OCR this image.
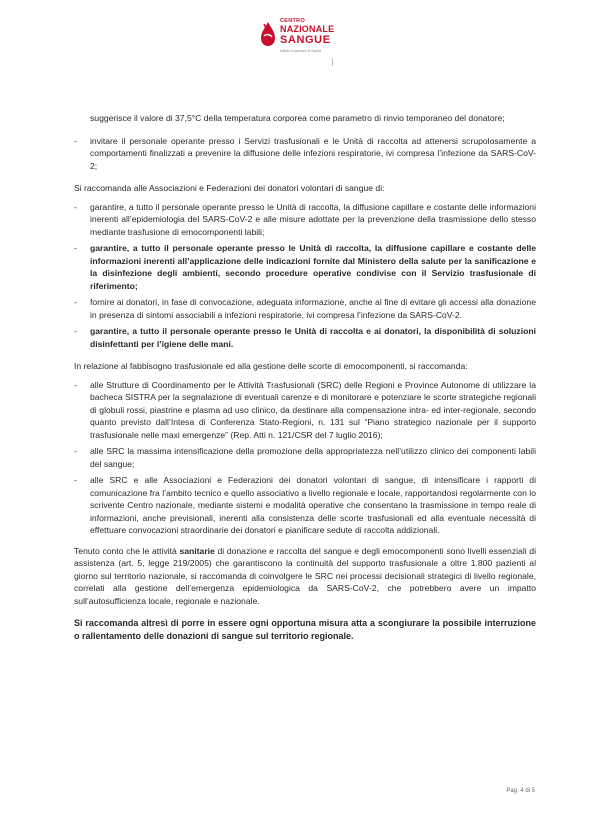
CENTRO
NAZIONALE
SANGUE
Istituto Superiore di Sanità

suggerisce il valore di 37,5°C della temperatura corporea come parametro di rinvio temporaneo del donatore;

- invitare il personale operante presso i Servizi trasfusionali e le Unità di raccolta ad attenersi scrupolosamente a comportamenti finalizzati a prevenire la diffusione delle infezioni respiratorie, ivi compresa l’infezione da SARS-CoV-2;

Si raccomanda alle Associazioni e Federazioni dei donatori volontari di sangue di:

- garantire, a tutto il personale operante presso le Unità di raccolta, la diffusione capillare e costante delle informazioni inerenti all’epidemiologia del SARS-CoV-2 e alle misure adottate per la prevenzione della trasmissione dello stesso mediante trasfusione di emocomponenti labili;

- garantire, a tutto il personale operante presso le Unità di raccolta, la diffusione capillare e costante delle informazioni inerenti all’applicazione delle indicazioni fornite dal Ministero della salute per la sanificazione e la disinfezione degli ambienti, secondo procedure operative condivise con il Servizio trasfusionale di riferimento;

- fornire ai donatori, in fase di convocazione, adeguata informazione, anche al fine di evitare gli accessi alla donazione in presenza di sintomi associabili a infezioni respiratorie, ivi compresa l’infezione da SARS-CoV-2.

- garantire, a tutto il personale operante presso le Unità di raccolta e ai donatori, la disponibilità di soluzioni disinfettanti per l’igiene delle mani.

In relazione al fabbisogno trasfusionale ed alla gestione delle scorte di emocomponenti, si raccomanda:

- alle Strutture di Coordinamento per le Attività Trasfusionali (SRC) delle Regioni e Province Autonome di utilizzare la bacheca SISTRA per la segnalazione di eventuali carenze e di monitorare e potenziare le scorte strategiche regionali di globuli rossi, piastrine e plasma ad uso clinico, da destinare alla compensazione intra- ed inter-regionale, secondo quanto previsto dall’Intesa di Conferenza Stato-Regioni, n. 131 sul “Piano strategico nazionale per il supporto trasfusionale nelle maxi emergenze” (Rep. Atti n. 121/CSR del 7 luglio 2016);

- alle SRC la massima intensificazione della promozione della appropriatezza nell’utilizzo clinico dei componenti labili del sangue;

- alle SRC e alle Associazioni e Federazioni dei donatori volontari di sangue, di intensificare i rapporti di comunicazione fra l’ambito tecnico e quello associativo a livello regionale e locale, rapportandosi regolarmente con lo scrivente Centro nazionale, mediante sistemi e modalità operative che consentano la trasmissione in tempo reale di informazioni, anche previsionali, inerenti alla consistenza delle scorte trasfusionali ed alla eventuale necessità di effettuare convocazioni straordinarie dei donatori e pianificare sedute di raccolta addizionali.

Tenuto conto che le attività sanitarie di donazione e raccolta del sangue e degli emocomponenti sono livelli essenziali di assistenza (art. 5, legge 219/2005) che garantiscono la continuità del supporto trasfusionale a oltre 1.800 pazienti al giorno sul territorio nazionale, si raccomanda di coinvolgere le SRC nei processi decisionali strategici di livello regionale, correlati alla gestione dell’emergenza epidemiologica da SARS-CoV-2, che potrebbero avere un impatto sull’autosufficienza locale, regionale e nazionale.

Si raccomanda altresì di porre in essere ogni opportuna misura atta a scongiurare la possibile interruzione o rallentamento delle donazioni di sangue sul territorio regionale.

Pag. 4 di 5
